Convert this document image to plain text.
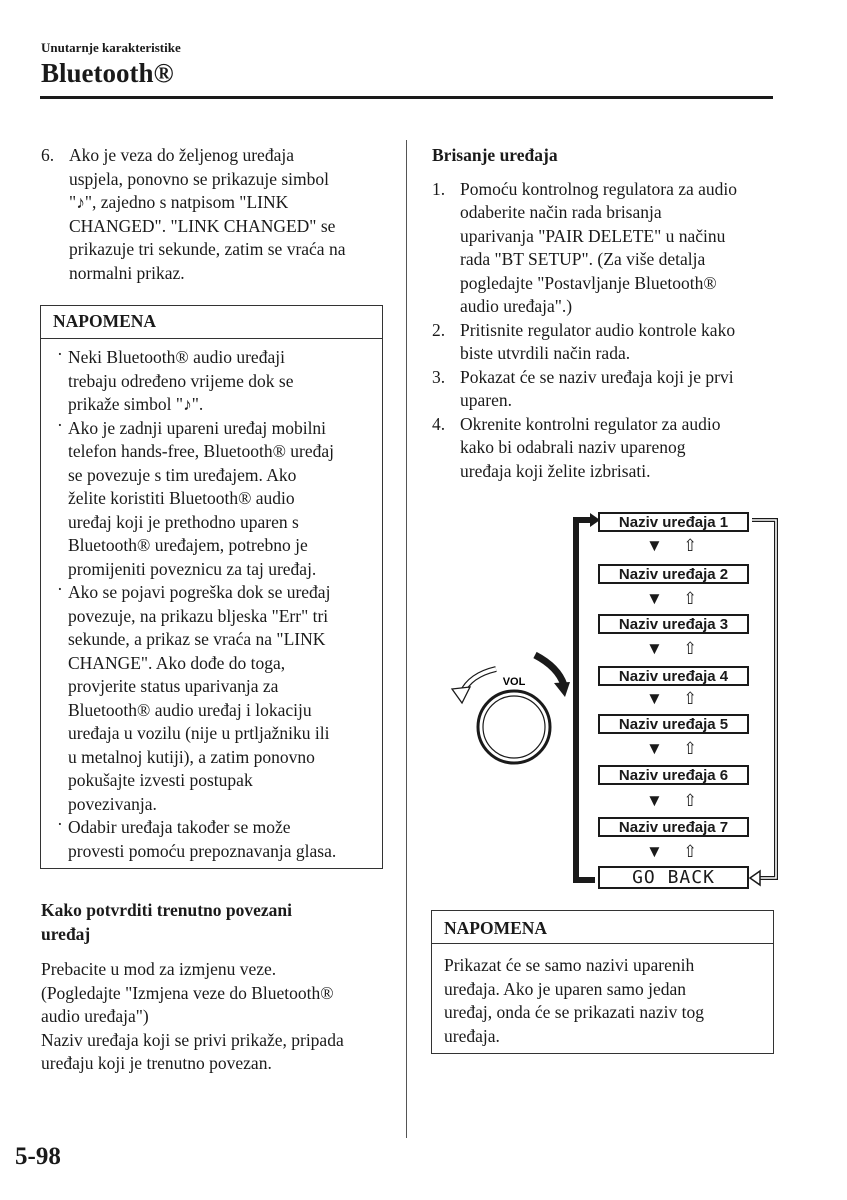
Unutarnje karakteristike
Bluetooth®
6. Ako je veza do željenog uređaja

uspjela, ponovno se prikazuje simbol

"♪", zajedno s natpisom "LINK

CHANGED". "LINK CHANGED" se

prikazuje tri sekunde, zatim se vraća na

normalni prikaz.

NAPOMENA
· Neki Bluetooth® audio uređaji

trebaju određeno vrijeme dok se

prikaže simbol "♪".

· Ako je zadnji upareni uređaj mobilni

telefon hands-free, Bluetooth® uređaj

se povezuje s tim uređajem. Ako

želite koristiti Bluetooth® audio

uređaj koji je prethodno uparen s

Bluetooth® uređajem, potrebno je

promijeniti poveznicu za taj uređaj.

· Ako se pojavi pogreška dok se uređaj

povezuje, na prikazu bljeska "Err" tri

sekunde, a prikaz se vraća na "LINK

CHANGE". Ako dođe do toga,

provjerite status uparivanja za

Bluetooth® audio uređaj i lokaciju

uređaja u vozilu (nije u prtljažniku ili

u metalnoj kutiji), a zatim ponovno

pokušajte izvesti postupak

povezivanja.

· Odabir uređaja također se može

provesti pomoću prepoznavanja glasa.

Kako potvrditi trenutno povezani

uređaj

Prebacite u mod za izmjenu veze.

(Pogledajte "Izmjena veze do Bluetooth®

audio uređaja")

Naziv uređaja koji se privi prikaže, pripada

uređaju koji je trenutno povezan.

Brisanje uređaja

1. Pomoću kontrolnog regulatora za audio

odaberite način rada brisanja

uparivanja "PAIR DELETE" u načinu

rada "BT SETUP". (Za više detalja

pogledajte "Postavljanje Bluetooth®

audio uređaja".)

2. Pritisnite regulator audio kontrole kako

biste utvrdili način rada.

3. Pokazat će se naziv uređaja koji je prvi

uparen.

4. Okrenite kontrolni regulator za audio

kako bi odabrali naziv uparenog

uređaja koji želite izbrisati.

VOL
Naziv uređaja 1
▼ ⇧
Naziv uređaja 2
▼ ⇧
Naziv uređaja 3
▼ ⇧
Naziv uređaja 4
▼ ⇧
Naziv uređaja 5
▼ ⇧
Naziv uređaja 6
▼ ⇧
Naziv uređaja 7
▼ ⇧
GO BACK
NAPOMENA

Prikazat će se samo nazivi uparenih

uređaja. Ako je uparen samo jedan

uređaj, onda će se prikazati naziv tog

uređaja.

5-98
